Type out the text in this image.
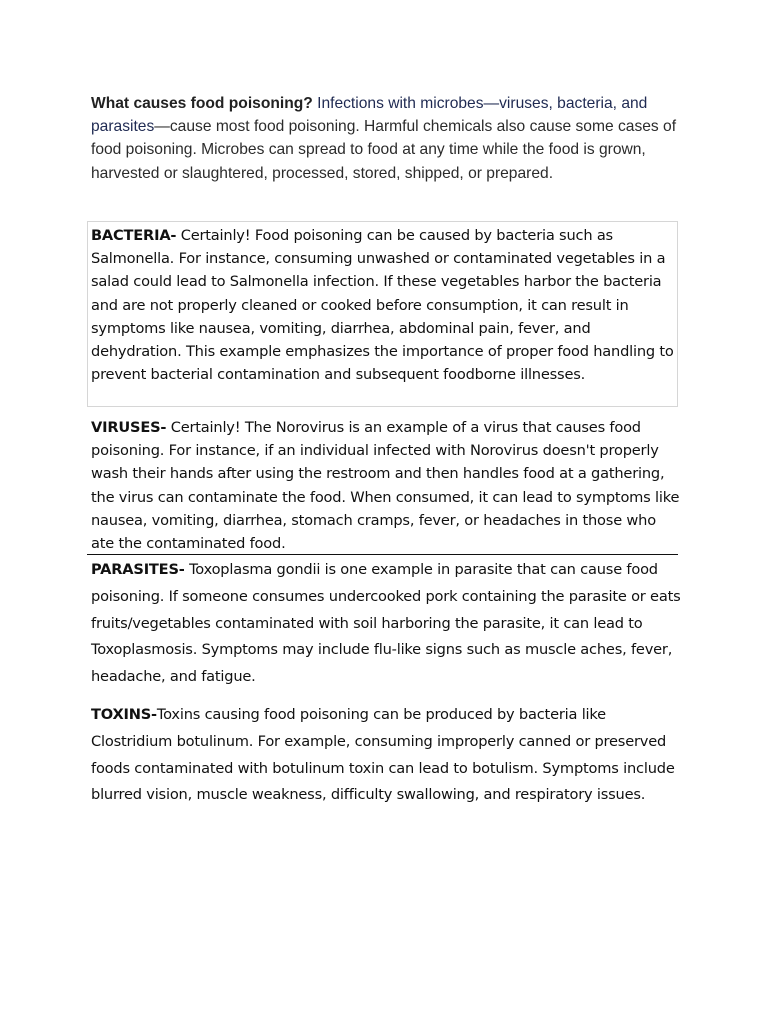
What causes food poisoning? Infections with microbes—viruses, bacteria, and parasites—cause most food poisoning. Harmful chemicals also cause some cases of food poisoning. Microbes can spread to food at any time while the food is grown, harvested or slaughtered, processed, stored, shipped, or prepared.

BACTERIA- Certainly! Food poisoning can be caused by bacteria such as Salmonella. For instance, consuming unwashed or contaminated vegetables in a salad could lead to Salmonella infection. If these vegetables harbor the bacteria and are not properly cleaned or cooked before consumption, it can result in symptoms like nausea, vomiting, diarrhea, abdominal pain, fever, and dehydration. This example emphasizes the importance of proper food handling to prevent bacterial contamination and subsequent foodborne illnesses.

VIRUSES- Certainly! The Norovirus is an example of a virus that causes food poisoning. For instance, if an individual infected with Norovirus doesn't properly wash their hands after using the restroom and then handles food at a gathering, the virus can contaminate the food. When consumed, it can lead to symptoms like nausea, vomiting, diarrhea, stomach cramps, fever, or headaches in those who ate the contaminated food.

PARASITES- Toxoplasma gondii is one example in parasite that can cause food poisoning. If someone consumes undercooked pork containing the parasite or eats fruits/vegetables contaminated with soil harboring the parasite, it can lead to Toxoplasmosis. Symptoms may include flu-like signs such as muscle aches, fever, headache, and fatigue.

TOXINS-Toxins causing food poisoning can be produced by bacteria like Clostridium botulinum. For example, consuming improperly canned or preserved foods contaminated with botulinum toxin can lead to botulism. Symptoms include blurred vision, muscle weakness, difficulty swallowing, and respiratory issues.
